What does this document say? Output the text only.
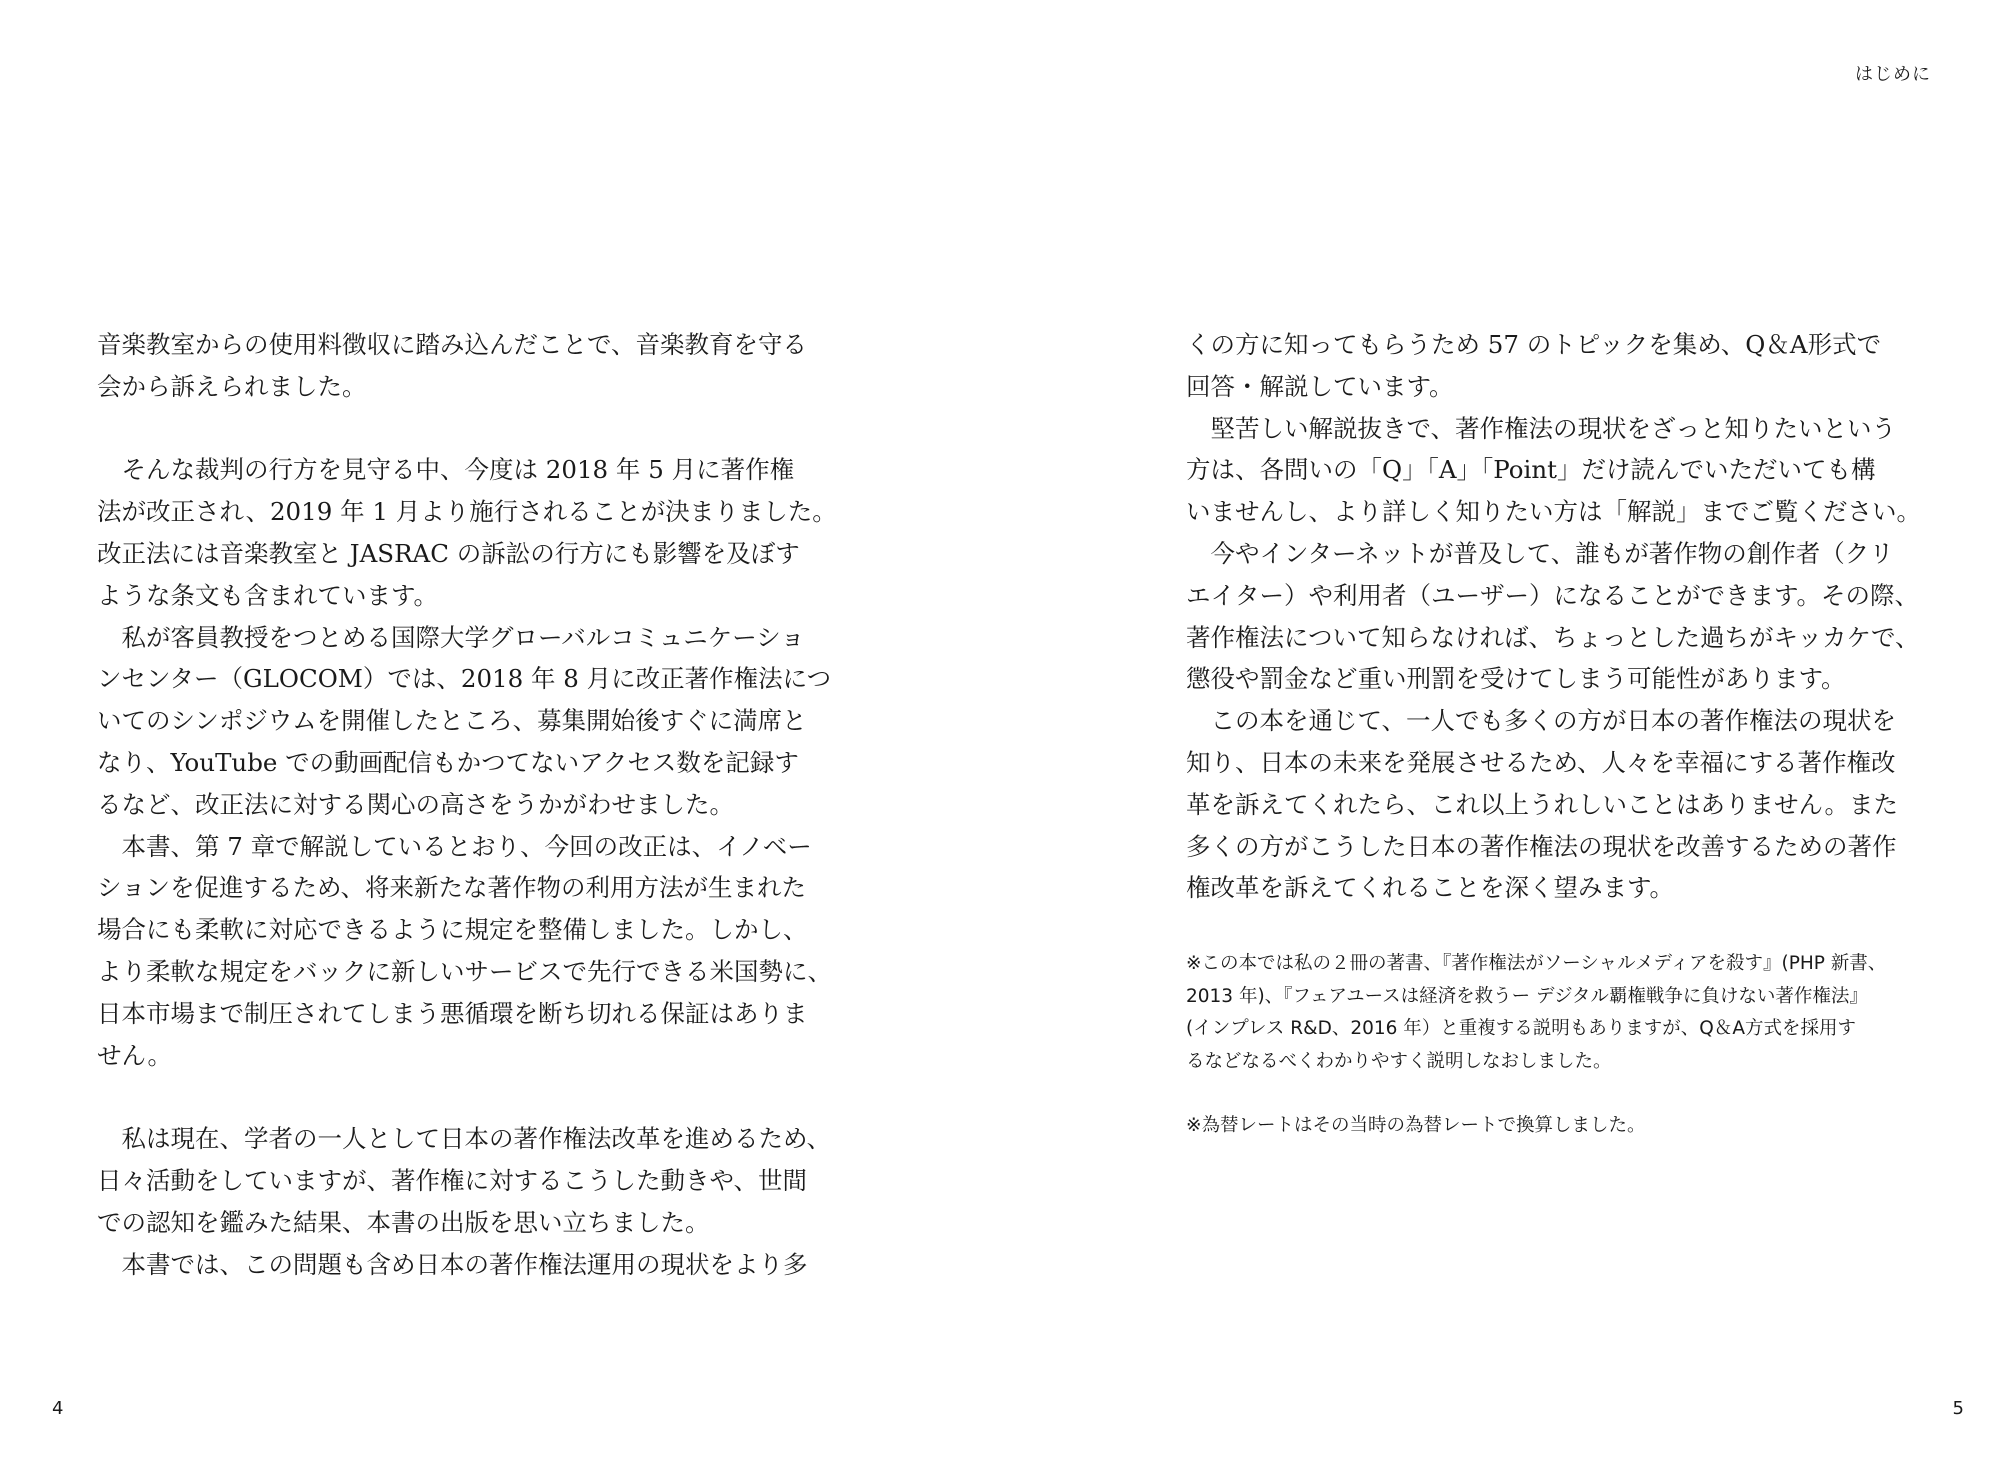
はじめに
音楽教室からの使用料徴収に踏み込んだことで、音楽教育を守る
会から訴えられました。
　そんな裁判の行方を見守る中、今度は 2018 年 5 月に著作権
法が改正され、2019 年 1 月より施行されることが決まりました。
改正法には音楽教室と JASRAC の訴訟の行方にも影響を及ぼす
ような条文も含まれています。
　私が客員教授をつとめる国際大学グローバルコミュニケーショ
ンセンター（GLOCOM）では、2018 年 8 月に改正著作権法につ
いてのシンポジウムを開催したところ、募集開始後すぐに満席と
なり、YouTube での動画配信もかつてないアクセス数を記録す
るなど、改正法に対する関心の高さをうかがわせました。
　本書、第 7 章で解説しているとおり、今回の改正は、イノベー
ションを促進するため、将来新たな著作物の利用方法が生まれた
場合にも柔軟に対応できるように規定を整備しました。しかし、
より柔軟な規定をバックに新しいサービスで先行できる米国勢に、
日本市場まで制圧されてしまう悪循環を断ち切れる保証はありま
せん。
　私は現在、学者の一人として日本の著作権法改革を進めるため、
日々活動をしていますが、著作権に対するこうした動きや、世間
での認知を鑑みた結果、本書の出版を思い立ちました。
　本書では、この問題も含め日本の著作権法運用の現状をより多
くの方に知ってもらうため 57 のトピックを集め、Q＆A形式で
回答・解説しています。
　堅苦しい解説抜きで、著作権法の現状をざっと知りたいという
方は、各問いの「Q」「A」「Point」だけ読んでいただいても構
いませんし、より詳しく知りたい方は「解説」までご覧ください。
　今やインターネットが普及して、誰もが著作物の創作者（クリ
エイター）や利用者（ユーザー）になることができます。その際、
著作権法について知らなければ、ちょっとした過ちがキッカケで、
懲役や罰金など重い刑罰を受けてしまう可能性があります。
　この本を通じて、一人でも多くの方が日本の著作権法の現状を
知り、日本の未来を発展させるため、人々を幸福にする著作権改
革を訴えてくれたら、これ以上うれしいことはありません。また
多くの方がこうした日本の著作権法の現状を改善するための著作
権改革を訴えてくれることを深く望みます。
※この本では私の２冊の著書、『著作権法がソーシャルメディアを殺す』(PHP 新書、
2013 年)、『フェアユースは経済を救うー デジタル覇権戦争に負けない著作権法』
(インプレス R&D、2016 年）と重複する説明もありますが、Q＆A方式を採用す
るなどなるべくわかりやすく説明しなおしました。
※為替レートはその当時の為替レートで換算しました。
4	5
